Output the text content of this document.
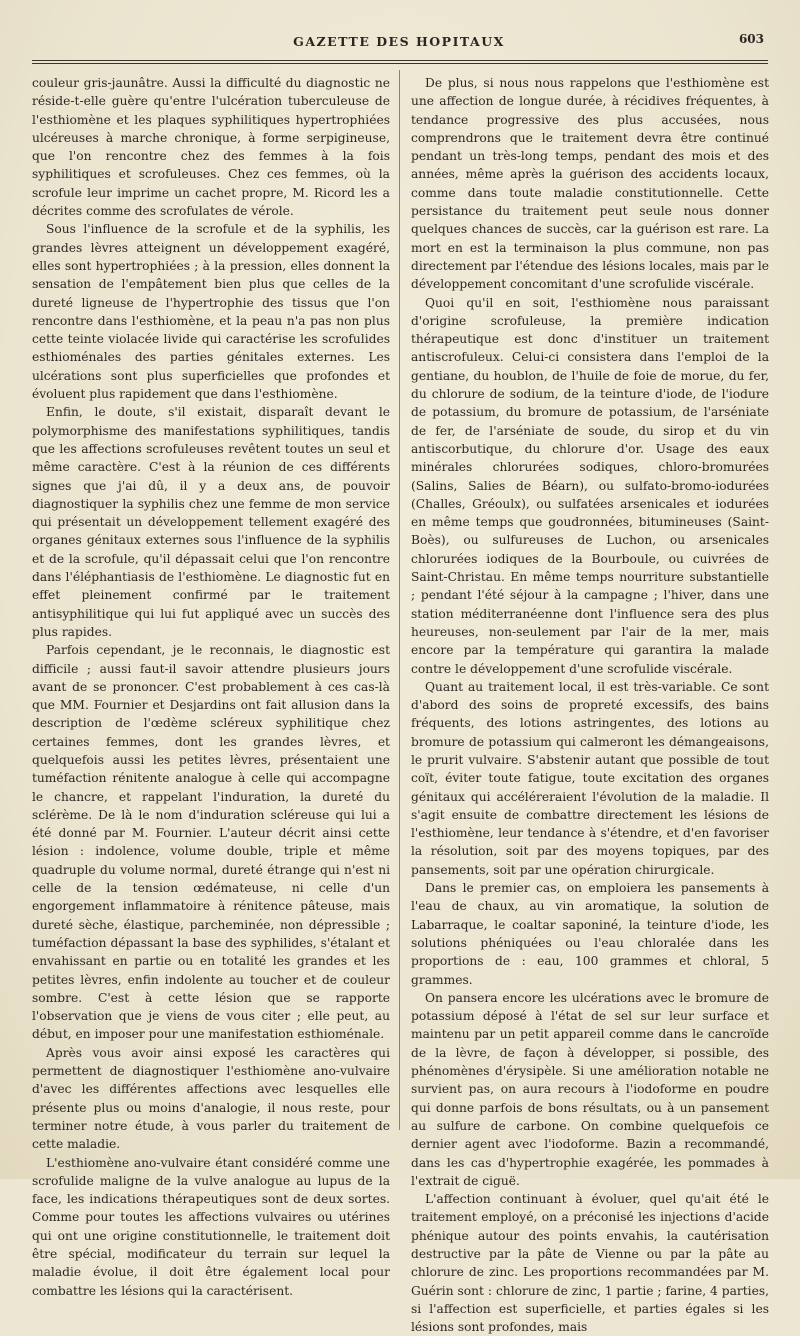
GAZETTE DES HOPITAUX	603

couleur gris-jaunâtre. Aussi la difficulté du diagnostic ne réside-t-elle guère qu'entre l'ulcération tuberculeuse de l'esthiomène et les plaques syphilitiques hypertrophiées ulcéreuses à marche chronique, à forme serpigineuse, que l'on rencontre chez des femmes à la fois syphilitiques et scrofuleuses. Chez ces femmes, où la scrofule leur imprime un cachet propre, M. Ricord les a décrites comme des scrofulates de vérole.

Sous l'influence de la scrofule et de la syphilis, les grandes lèvres atteignent un développement exagéré, elles sont hypertrophiées ; à la pression, elles donnent la sensation de l'empâtement bien plus que celles de la dureté ligneuse de l'hypertrophie des tissus que l'on rencontre dans l'esthiomène, et la peau n'a pas non plus cette teinte violacée livide qui caractérise les scrofulides esthioménales des parties génitales externes. Les ulcérations sont plus superficielles que profondes et évoluent plus rapidement que dans l'esthiomène.

Enfin, le doute, s'il existait, disparaît devant le polymorphisme des manifestations syphilitiques, tandis que les affections scrofuleuses revêtent toutes un seul et même caractère. C'est à la réunion de ces différents signes que j'ai dû, il y a deux ans, de pouvoir diagnostiquer la syphilis chez une femme de mon service qui présentait un développement tellement exagéré des organes génitaux externes sous l'influence de la syphilis et de la scrofule, qu'il dépassait celui que l'on rencontre dans l'éléphantiasis de l'esthiomène. Le diagnostic fut en effet pleinement confirmé par le traitement antisyphilitique qui lui fut appliqué avec un succès des plus rapides.

Parfois cependant, je le reconnais, le diagnostic est difficile ; aussi faut-il savoir attendre plusieurs jours avant de se prononcer. C'est probablement à ces cas-là que MM. Fournier et Desjardins ont fait allusion dans la description de l'œdème scléreux syphilitique chez certaines femmes, dont les grandes lèvres, et quelquefois aussi les petites lèvres, présentaient une tuméfaction rénitente analogue à celle qui accompagne le chancre, et rappelant l'induration, la dureté du sclérème. De là le nom d'induration scléreuse qui lui a été donné par M. Fournier. L'auteur décrit ainsi cette lésion : indolence, volume double, triple et même quadruple du volume normal, dureté étrange qui n'est ni celle de la tension œdémateuse, ni celle d'un engorgement inflammatoire à rénitence pâteuse, mais dureté sèche, élastique, parcheminée, non dépressible ; tuméfaction dépassant la base des syphilides, s'étalant et envahissant en partie ou en totalité les grandes et les petites lèvres, enfin indolente au toucher et de couleur sombre. C'est à cette lésion que se rapporte l'observation que je viens de vous citer ; elle peut, au début, en imposer pour une manifestation esthioménale.

Après vous avoir ainsi exposé les caractères qui permettent de diagnostiquer l'esthiomène ano-vulvaire d'avec les différentes affections avec lesquelles elle présente plus ou moins d'analogie, il nous reste, pour terminer notre étude, à vous parler du traitement de cette maladie.

L'esthiomène ano-vulvaire étant considéré comme une scrofulide maligne de la vulve analogue au lupus de la face, les indications thérapeutiques sont de deux sortes. Comme pour toutes les affections vulvaires ou utérines qui ont une origine constitutionnelle, le traitement doit être spécial, modificateur du terrain sur lequel la maladie évolue, il doit être également local pour combattre les lésions qui la caractérisent.

De plus, si nous nous rappelons que l'esthiomène est une affection de longue durée, à récidives fréquentes, à tendance progressive des plus accusées, nous comprendrons que le traitement devra être continué pendant un très-long temps, pendant des mois et des années, même après la guérison des accidents locaux, comme dans toute maladie constitutionnelle. Cette persistance du traitement peut seule nous donner quelques chances de succès, car la guérison est rare. La mort en est la terminaison la plus commune, non pas directement par l'étendue des lésions locales, mais par le développement concomitant d'une scrofulide viscérale.

Quoi qu'il en soit, l'esthiomène nous paraissant d'origine scrofuleuse, la première indication thérapeutique est donc d'instituer un traitement antiscrofuleux. Celui-ci consistera dans l'emploi de la gentiane, du houblon, de l'huile de foie de morue, du fer, du chlorure de sodium, de la teinture d'iode, de l'iodure de potassium, du bromure de potassium, de l'arséniate de fer, de l'arséniate de soude, du sirop et du vin antiscorbutique, du chlorure d'or. Usage des eaux minérales chlorurées sodiques, chloro-bromurées (Salins, Salies de Béarn), ou sulfato-bromo-iodurées (Challes, Gréoulx), ou sulfatées arsenicales et iodurées en même temps que goudronnées, bitumineuses (Saint-Boès), ou sulfureuses de Luchon, ou arsenicales chlorurées iodiques de la Bourboule, ou cuivrées de Saint-Christau. En même temps nourriture substantielle ; pendant l'été séjour à la campagne ; l'hiver, dans une station méditerranéenne dont l'influence sera des plus heureuses, non-seulement par l'air de la mer, mais encore par la température qui garantira la malade contre le développement d'une scrofulide viscérale.

Quant au traitement local, il est très-variable. Ce sont d'abord des soins de propreté excessifs, des bains fréquents, des lotions astringentes, des lotions au bromure de potassium qui calmeront les démangeaisons, le prurit vulvaire. S'abstenir autant que possible de tout coït, éviter toute fatigue, toute excitation des organes génitaux qui accéléreraient l'évolution de la maladie. Il s'agit ensuite de combattre directement les lésions de l'esthiomène, leur tendance à s'étendre, et d'en favoriser la résolution, soit par des moyens topiques, par des pansements, soit par une opération chirurgicale.

Dans le premier cas, on emploiera les pansements à l'eau de chaux, au vin aromatique, la solution de Labarraque, le coaltar saponiné, la teinture d'iode, les solutions phéniquées ou l'eau chloralée dans les proportions de : eau, 100 grammes et chloral, 5 grammes.

On pansera encore les ulcérations avec le bromure de potassium déposé à l'état de sel sur leur surface et maintenu par un petit appareil comme dans le cancroïde de la lèvre, de façon à développer, si possible, des phénomènes d'érysipèle. Si une amélioration notable ne survient pas, on aura recours à l'iodoforme en poudre qui donne parfois de bons résultats, ou à un pansement au sulfure de carbone. On combine quelquefois ce dernier agent avec l'iodoforme. Bazin a recommandé, dans les cas d'hypertrophie exagérée, les pommades à l'extrait de ciguë.

L'affection continuant à évoluer, quel qu'ait été le traitement employé, on a préconisé les injections d'acide phénique autour des points envahis, la cautérisation destructive par la pâte de Vienne ou par la pâte au chlorure de zinc. Les proportions recommandées par M. Guérin sont : chlorure de zinc, 1 partie ; farine, 4 parties, si l'affection est superficielle, et parties égales si les lésions sont profondes, mais
